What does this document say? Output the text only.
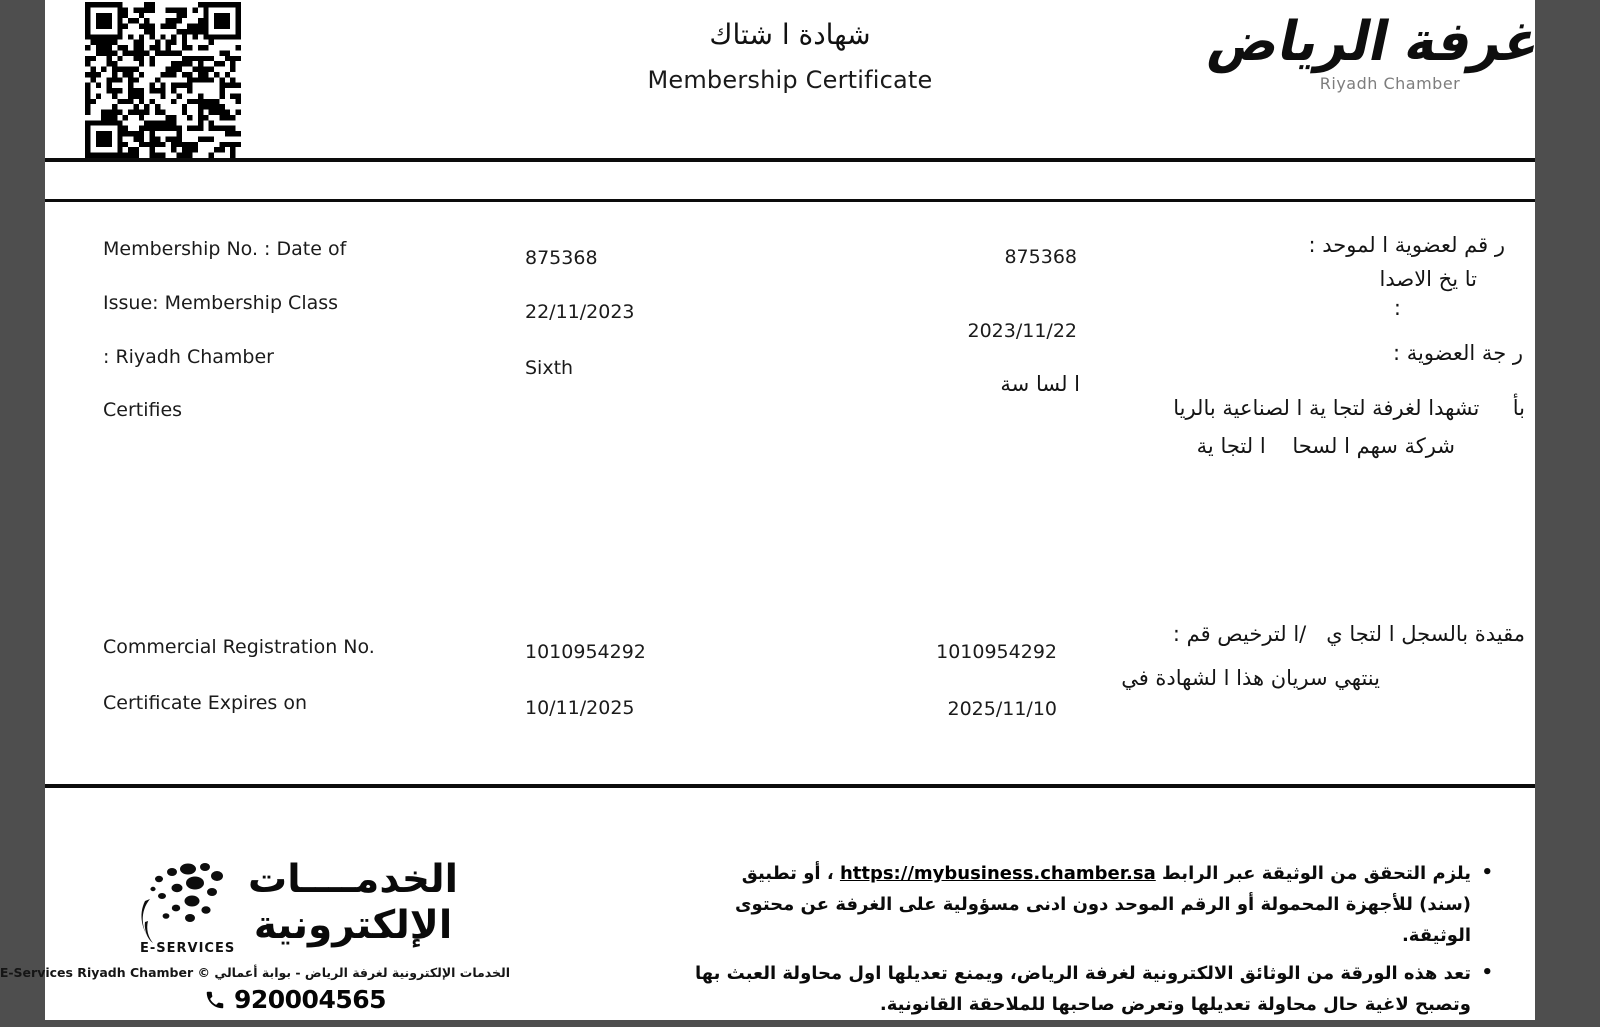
شهادة ا شتاك
Membership Certificate
غرفة الرياض
Riyadh Chamber
Membership No. : Date of
Issue: Membership Class
: Riyadh Chamber
Certifies
875368
22/11/2023
Sixth
875368
2023/11/22
ا لسا سة
ر قم لعضوية ا لموحد :
تا يخ الاصدا
:
ر جة العضوية :
بأ     تشهدا لغرفة لتجا ية ا لصناعية بالريا
شركة سهم ا لسحا    ا لتجا ية
Commercial Registration No.
Certificate Expires on
1010954292
10/11/2025
1010954292
2025/11/10
مقيدة بالسجل ا لتجا ي   /ا لترخيص قم :
ينتهي سريان هذا ا لشهادة في
الخدمــــات
الإلكترونية
E-SERVICES
الخدمات الإلكترونية لغرفة الرياض - بوابة أعمالي © E-Services Riyadh Chamber
920004565
•
يلزم التحقق من الوثيقة عبر الرابط https://mybusiness.chamber.sa ، أو تطبيق (سند) للأجهزة المحمولة أو الرقم الموحد دون ادنى مسؤولية على الغرفة عن محتوى الوثيقة.
•
تعد هذه الورقة من الوثائق الالكترونية لغرفة الرياض، ويمنع تعديلها اول محاولة العبث بها وتصبح لاغية حال محاولة تعديلها وتعرض صاحبها للملاحقة القانونية.
